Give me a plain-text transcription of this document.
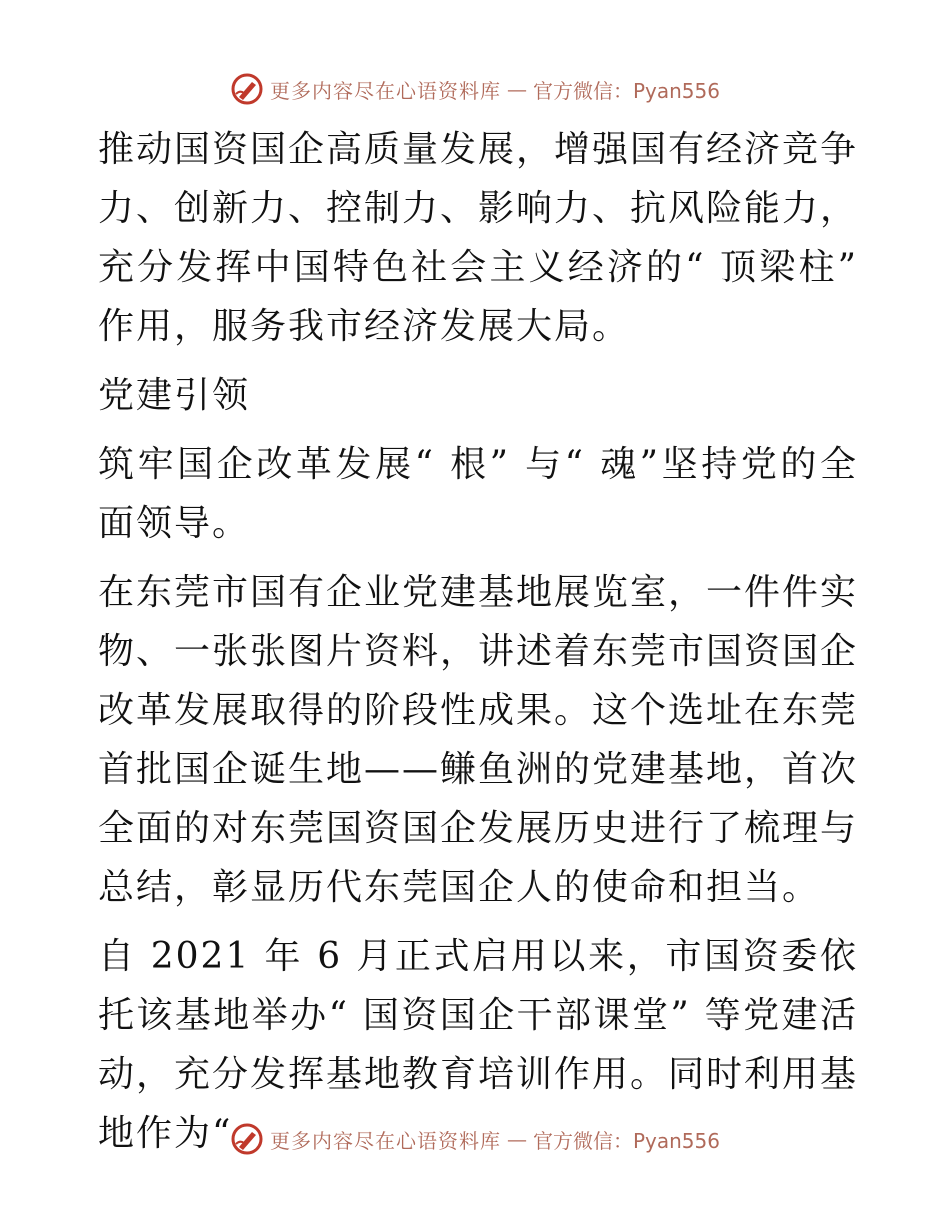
更多内容尽在心语资料库 — 官方微信：Pyan556

推动国资国企高质量发展，增强国有经济竞争力、创新力、控制力、影响力、抗风险能力，充分发挥中国特色社会主义经济的“ 顶梁柱” 作用，服务我市经济发展大局。

党建引领

筑牢国企改革发展“ 根” 与“ 魂”坚持党的全面领导。

在东莞市国有企业党建基地展览室，一件件实物、一张张图片资料，讲述着东莞市国资国企改革发展取得的阶段性成果。这个选址在东莞首批国企诞生地——鳒鱼洲的党建基地，首次全面的对东莞国资国企发展历史进行了梳理与总结，彰显历代东莞国企人的使命和担当。

自 2021 年 6 月正式启用以来，市国资委依托该基地举办“ 国资国企干部课堂” 等党建活动，充分发挥基地教育培训作用。同时利用基地作为“	更多内容尽在心语资料库 — 官方微信：Pyan556
